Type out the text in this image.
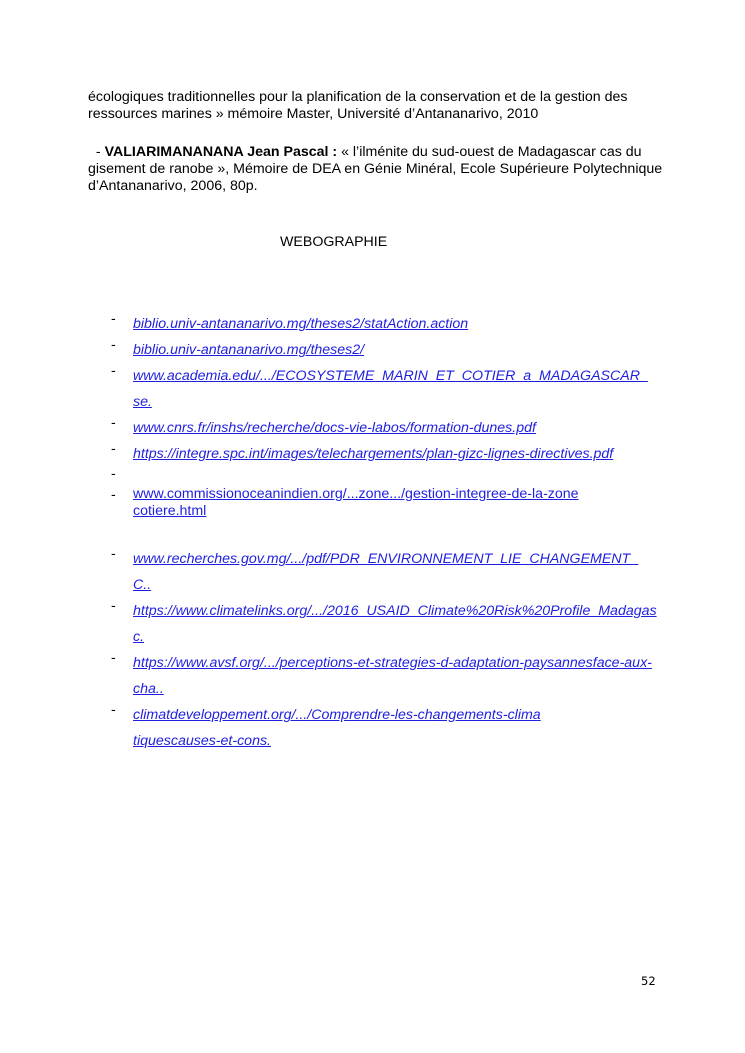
écologiques traditionnelles pour la planification de la conservation et de la gestion des ressources marines » mémoire Master, Université d’Antananarivo, 2010
- VALIARIMANANANA Jean Pascal : « l’ilménite du sud-ouest de Madagascar cas du gisement de ranobe », Mémoire de DEA en Génie Minéral, Ecole Supérieure Polytechnique d’Antananarivo, 2006, 80p.
WEBOGRAPHIE
- biblio.univ-antananarivo.mg/theses2/statAction.action
- biblio.univ-antananarivo.mg/theses2/
- www.academia.edu/.../ECOSYSTEME_MARIN_ET_COTIER_a_MADAGASCAR_se.
- www.cnrs.fr/inshs/recherche/docs-vie-labos/formation-dunes.pdf
- https://integre.spc.int/images/telechargements/plan-gizc-lignes-directives.pdf
-
- www.commissionoceanindien.org/...zone.../gestion-integree-de-la-zonecotiere.html
- www.recherches.gov.mg/.../pdf/PDR_ENVIRONNEMENT_LIE_CHANGEMENT_C..
- https://www.climatelinks.org/.../2016_USAID_Climate%20Risk%20Profile_Madagasc.
- https://www.avsf.org/.../perceptions-et-strategies-d-adaptation-paysannesface-aux-cha..
- climatdeveloppement.org/.../Comprendre-les-changements-climatiquescauses-et-cons.
52
